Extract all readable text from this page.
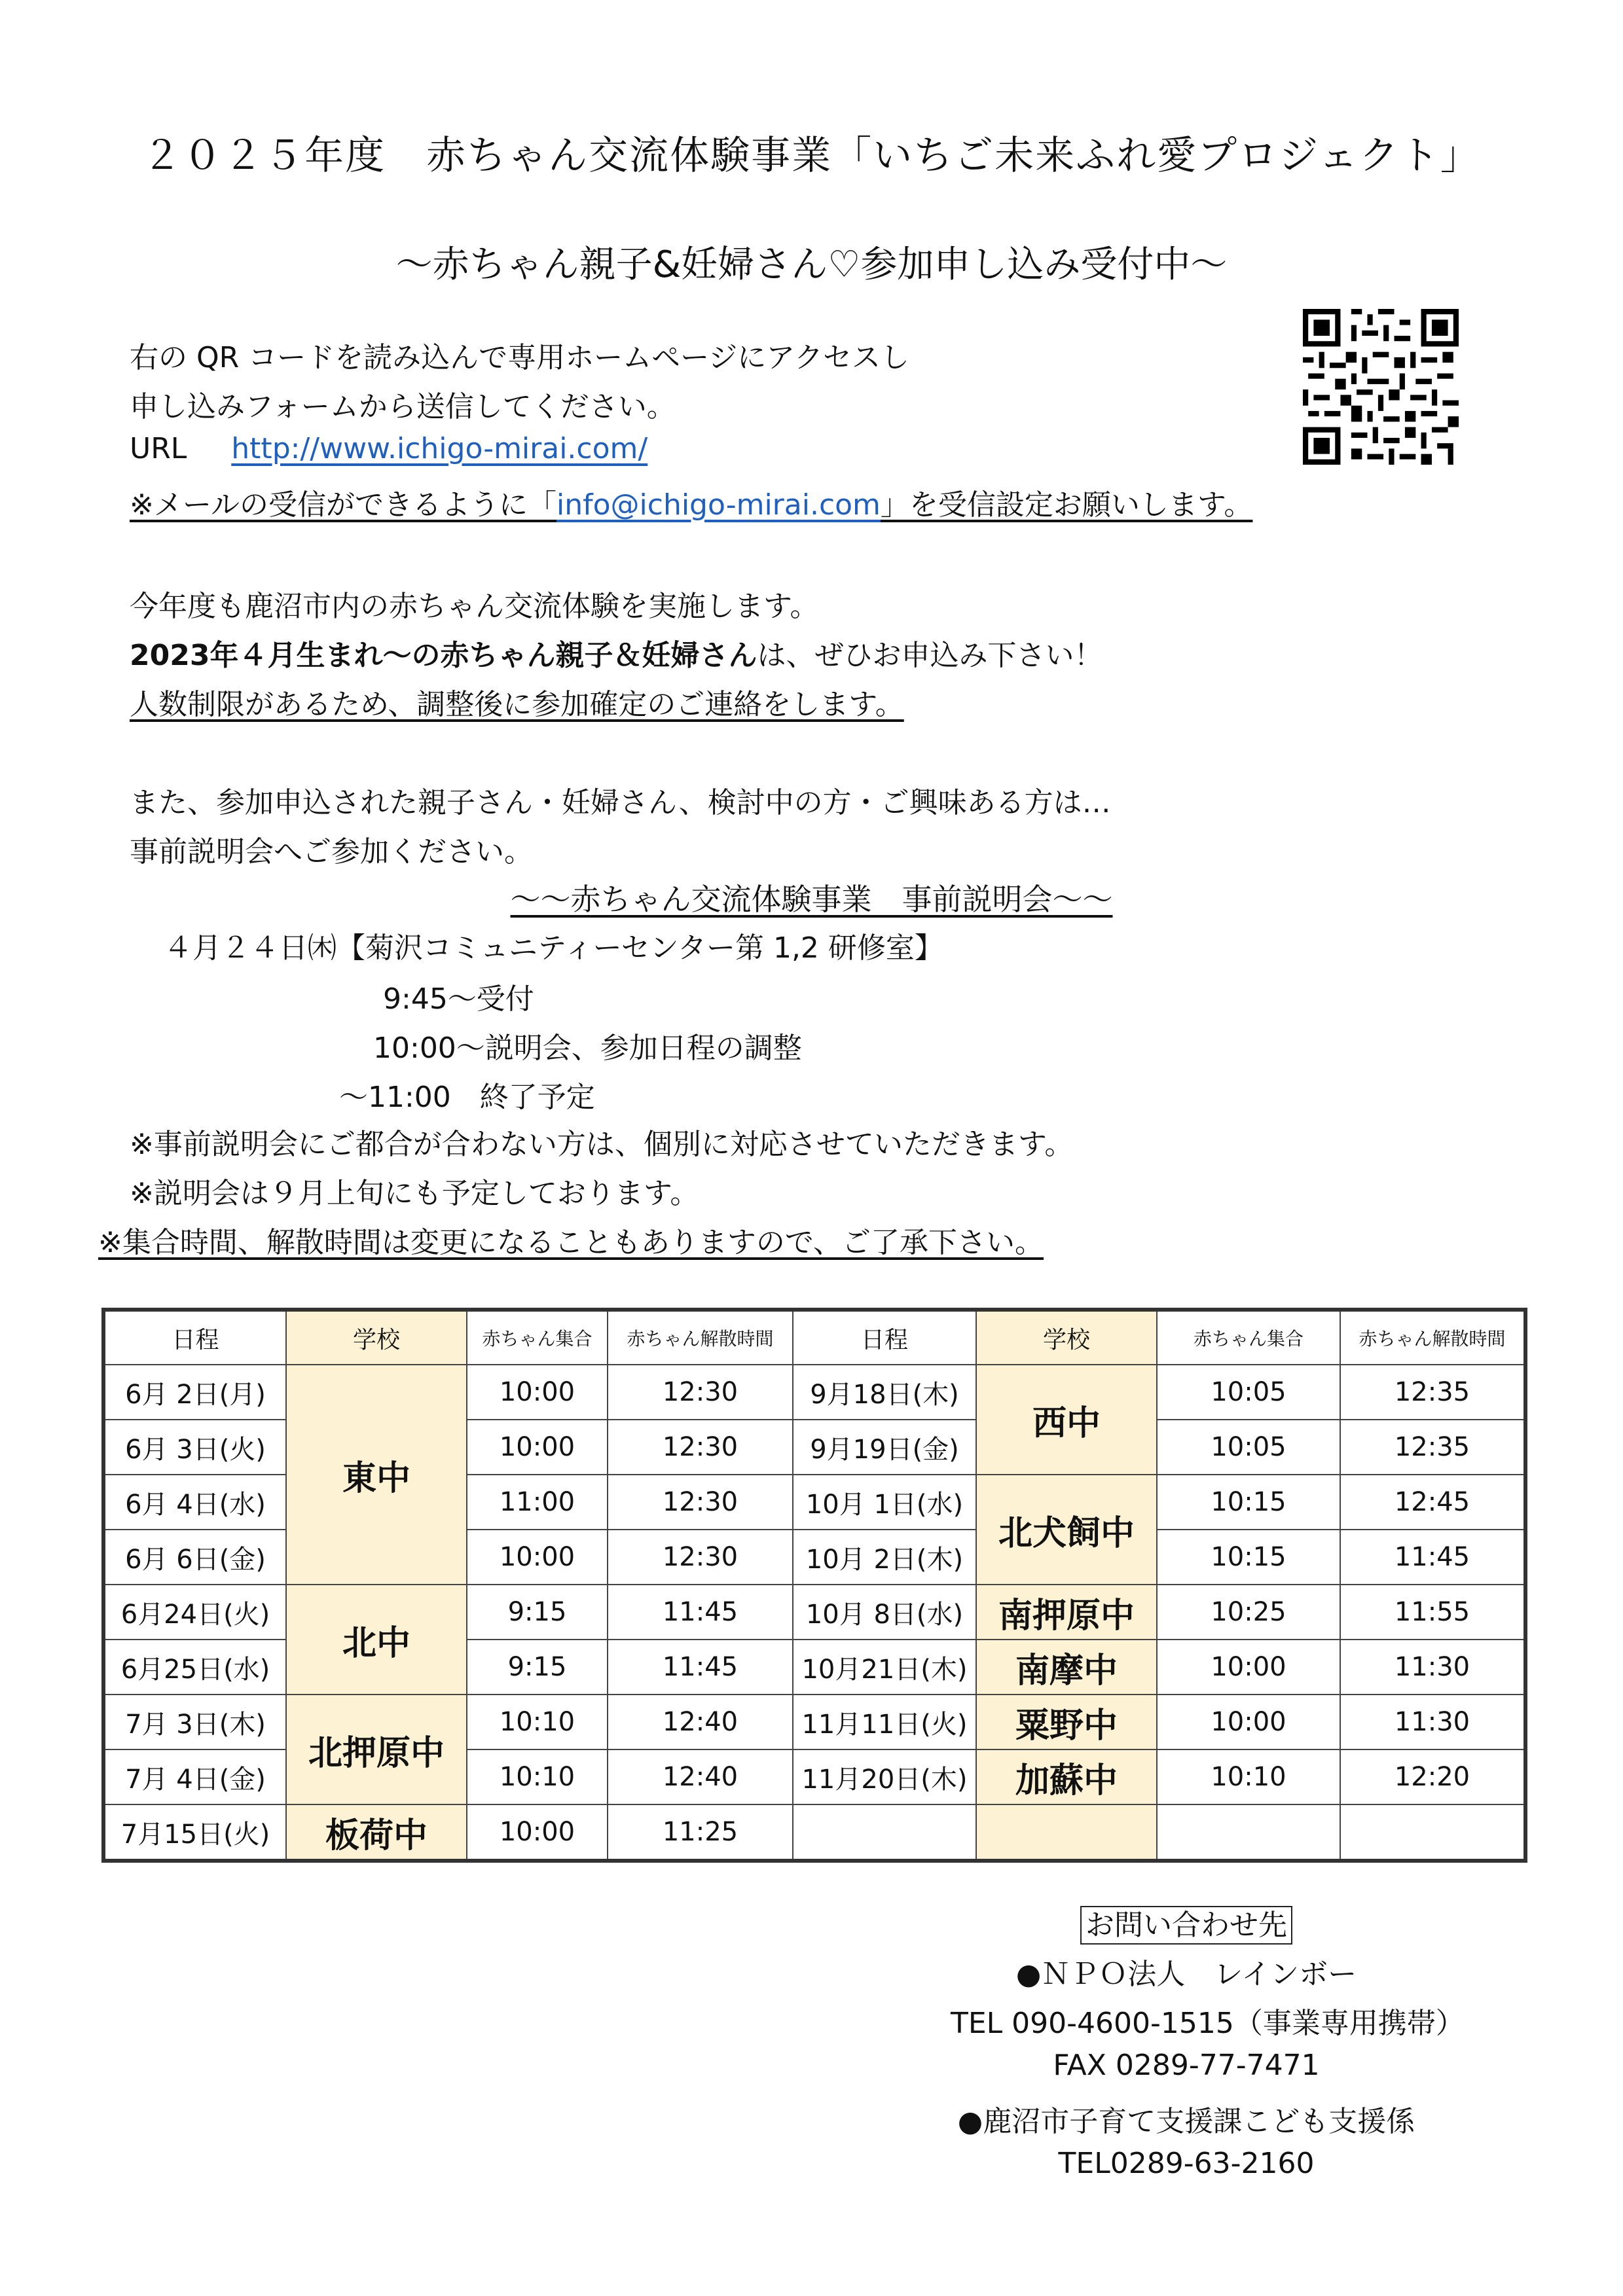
２０２５年度　赤ちゃん交流体験事業「いちご未来ふれ愛プロジェクト」
～赤ちゃん親子&妊婦さん♡参加申し込み受付中～
右の QR コードを読み込んで専用ホームページにアクセスし
申し込みフォームから送信してください。
URL http://www.ichigo-mirai.com/
※メールの受信ができるように「info@ichigo-mirai.com」を受信設定お願いします。
今年度も鹿沼市内の赤ちゃん交流体験を実施します。
2023年４月生まれ～の赤ちゃん親子＆妊婦さんは、ぜひお申込み下さい！
人数制限があるため、調整後に参加確定のご連絡をします。
また、参加申込された親子さん・妊婦さん、検討中の方・ご興味ある方は…
事前説明会へご参加ください。
～～赤ちゃん交流体験事業　事前説明会～～
４月２４日㈭【菊沢コミュニティーセンター第 1,2 研修室】
9:45～受付
10:00～説明会、参加日程の調整
～11:00　終了予定
※事前説明会にご都合が合わない方は、個別に対応させていただきます。
※説明会は９月上旬にも予定しております。
※集合時間、解散時間は変更になることもありますので、ご了承下さい。
日程	学校	赤ちゃん集合	赤ちゃん解散時間	日程	学校	赤ちゃん集合	赤ちゃん解散時間
6月 2日(月)	東中	10:00	12:30	9月18日(木)	西中	10:05	12:35
6月 3日(火)		10:00	12:30	9月19日(金)		10:05	12:35
6月 4日(水)		11:00	12:30	10月 1日(水)	北犬飼中	10:15	12:45
6月 6日(金)		10:00	12:30	10月 2日(木)		10:15	11:45
6月24日(火)	北中	9:15	11:45	10月 8日(水)	南押原中	10:25	11:55
6月25日(水)		9:15	11:45	10月21日(木)	南摩中	10:00	11:30
7月 3日(木)	北押原中	10:10	12:40	11月11日(火)	粟野中	10:00	11:30
7月 4日(金)		10:10	12:40	11月20日(木)	加蘇中	10:10	12:20
7月15日(火)	板荷中	10:00	11:25				
お問い合わせ先
●ＮＰＯ法人　レインボー
TEL 090-4600-1515（事業専用携帯）
FAX 0289-77-7471
●鹿沼市子育て支援課こども支援係
TEL0289-63-2160
